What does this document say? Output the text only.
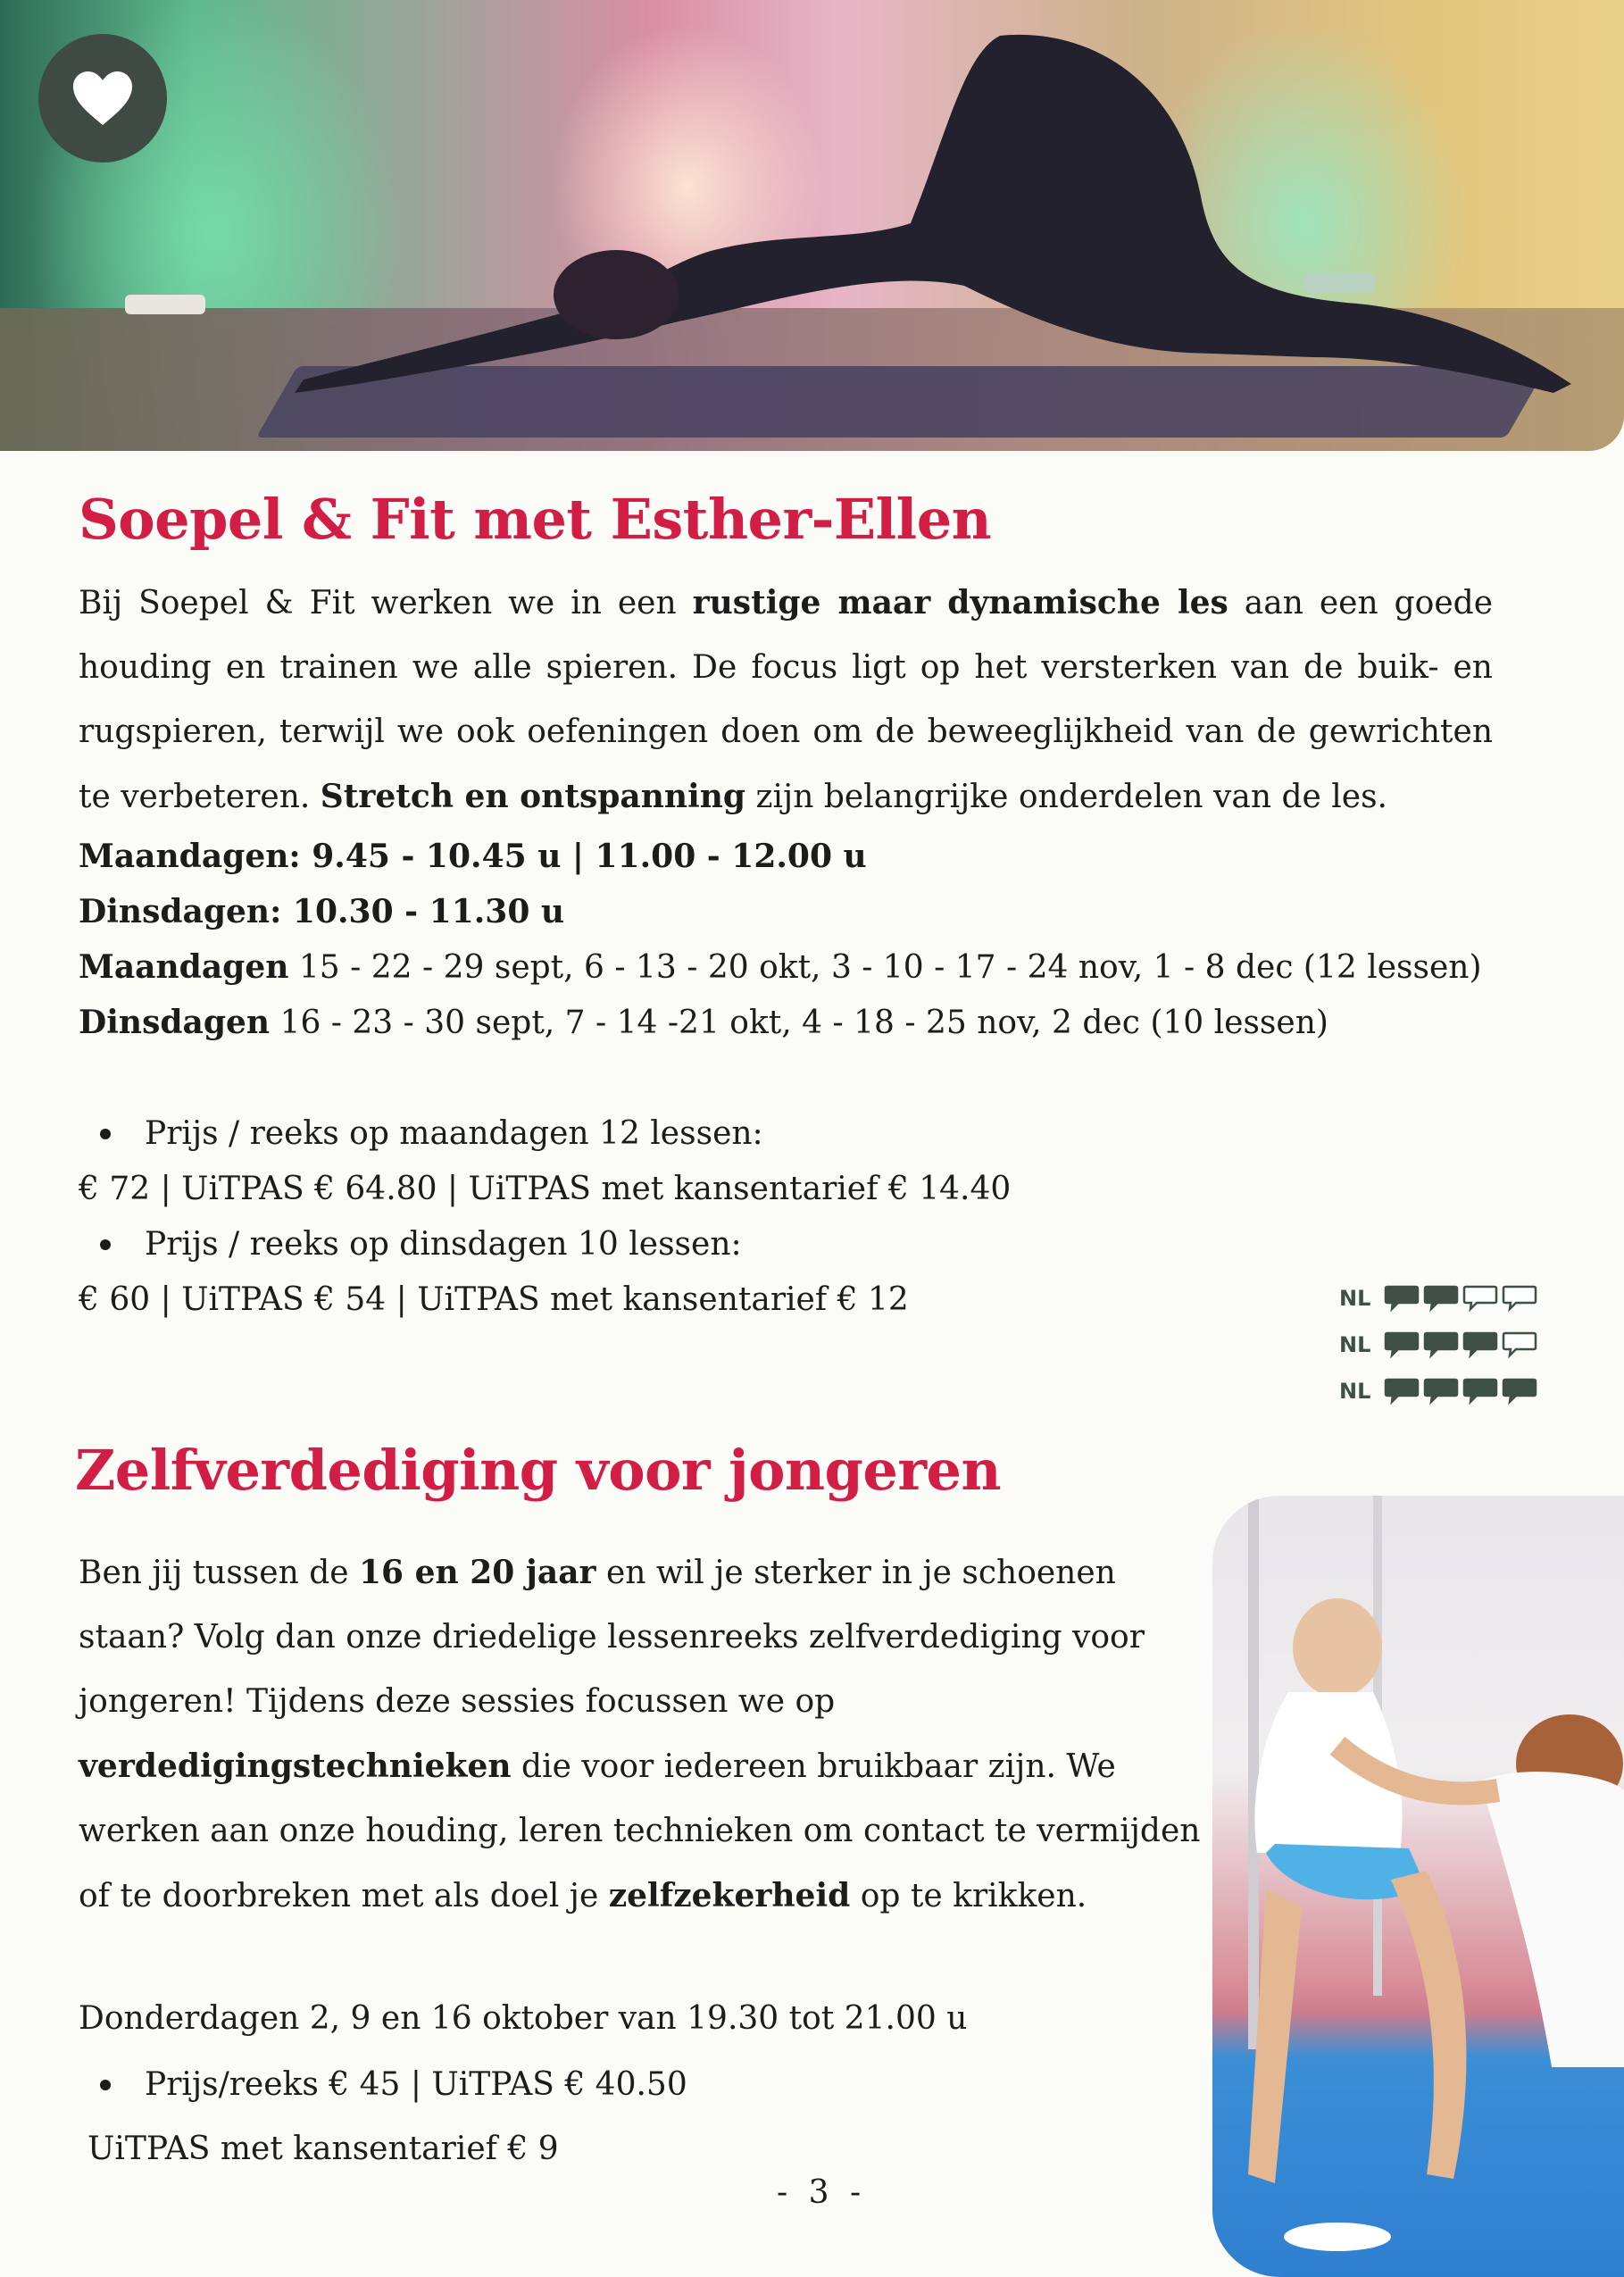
Soepel & Fit met Esther-Ellen

Bij Soepel & Fit werken we in een rustige maar dynamische les aan een goede houding en trainen we alle spieren. De focus ligt op het versterken van de buik- en rugspieren, terwijl we ook oefeningen doen om de beweeglijkheid van de gewrichten te verbeteren. Stretch en ontspanning zijn belangrijke onderdelen van de les.

Maandagen: 9.45 - 10.45 u | 11.00 - 12.00 u

Dinsdagen: 10.30 - 11.30 u

Maandagen 15 - 22 - 29 sept, 6 - 13 - 20 okt, 3 - 10 - 17 - 24 nov, 1 - 8 dec (12 lessen)

Dinsdagen 16 - 23 - 30 sept, 7 - 14 -21 okt, 4 - 18 - 25 nov, 2 dec (10 lessen)

Prijs / reeks op maandagen 12 lessen:

€ 72 | UiTPAS € 64.80 | UiTPAS met kansentarief € 14.40

Prijs / reeks op dinsdagen 10 lessen:

€ 60 | UiTPAS € 54 | UiTPAS met kansentarief € 12	NL
NL
NL
Zelfverdediging voor jongeren

Ben jij tussen de 16 en 20 jaar en wil je sterker in je schoenen staan? Volg dan onze driedelige lessenreeks zelfverdediging voor jongeren! Tijdens deze sessies focussen we op verdedigingstechnieken die voor iedereen bruikbaar zijn. We werken aan onze houding, leren technieken om contact te vermijden of te doorbreken met als doel je zelfzekerheid op te krikken.

Donderdagen 2, 9 en 16 oktober van 19.30 tot 21.00 u

Prijs/reeks € 45 | UiTPAS € 40.50

UiTPAS met kansentarief € 9

- 3 -
